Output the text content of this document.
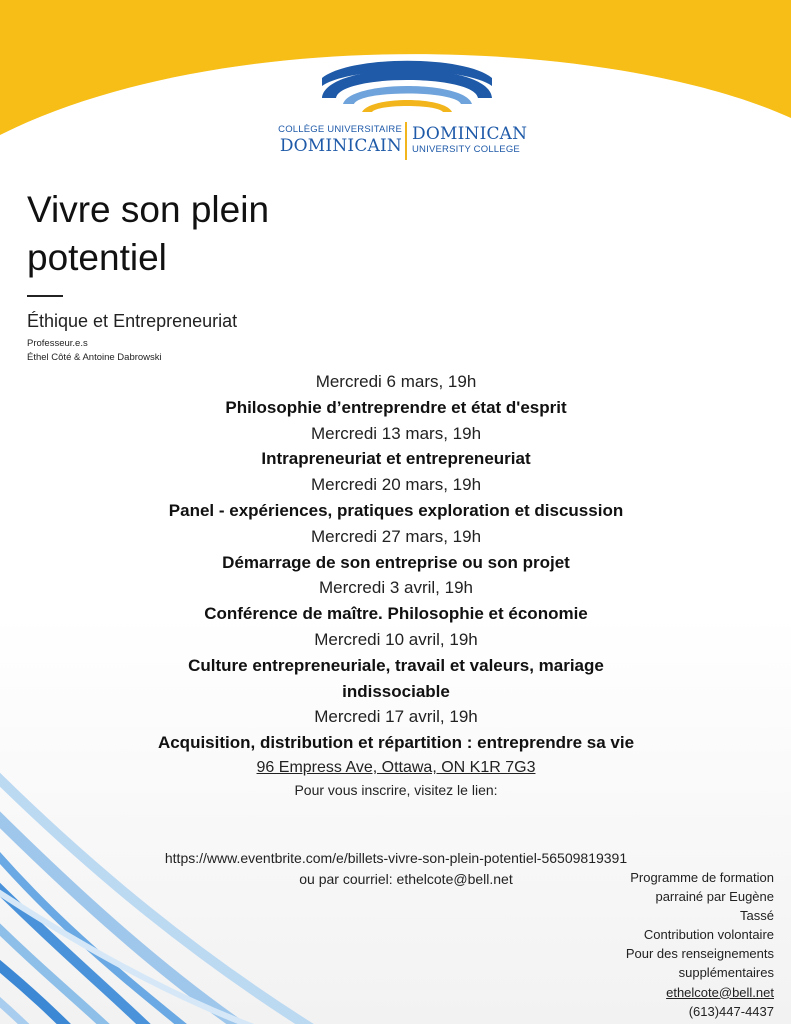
COLLÈGE UNIVERSITAIRE
DOMINICAIN
DOMINICAN
UNIVERSITY COLLEGE
Vivre son plein potentiel
Éthique et Entrepreneuriat
Professeur.e.s
Éthel Côté & Antoine Dabrowski
Mercredi 6 mars, 19h
Philosophie d’entreprendre et état d'esprit
Mercredi 13 mars, 19h
Intrapreneuriat et entrepreneuriat
Mercredi 20 mars, 19h
Panel - expériences, pratiques exploration et discussion
Mercredi 27 mars, 19h
Démarrage de son entreprise ou son projet
Mercredi 3 avril, 19h
Conférence de maître. Philosophie et économie
Mercredi 10 avril, 19h
Culture entrepreneuriale, travail et valeurs, mariage indissociable
Mercredi 17 avril, 19h
Acquisition, distribution et répartition : entreprendre sa vie
96 Empress Ave, Ottawa, ON K1R 7G3
Pour vous inscrire, visitez le lien:
https://www.eventbrite.com/e/billets-vivre-son-plein-potentiel-56509819391
ou par courriel: ethelcote@bell.net	Programme de formation
parrainé par Eugène
Tassé
Contribution volontaire
Pour des renseignements
supplémentaires
ethelcote@bell.net
(613)447-4437
